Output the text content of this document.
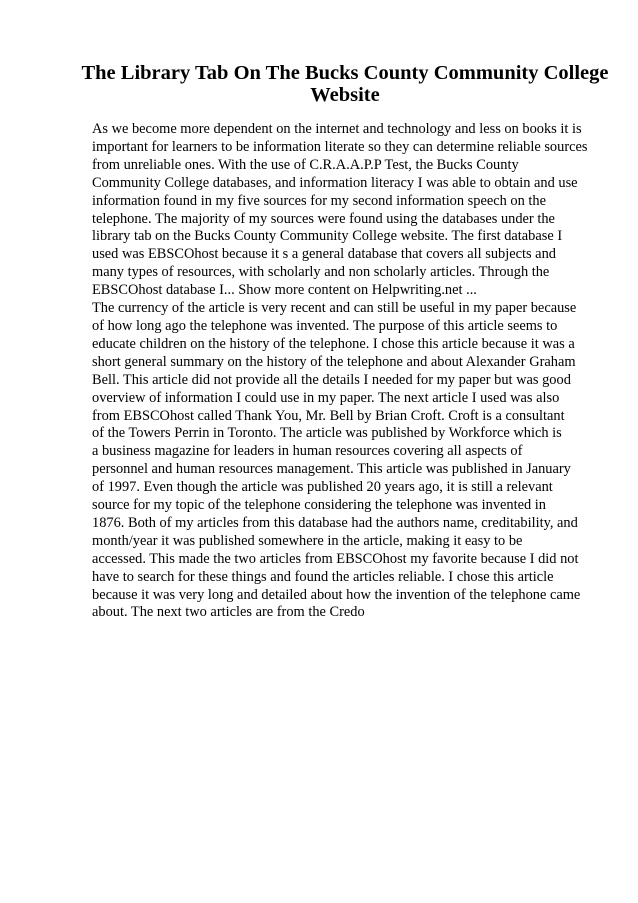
The Library Tab On The Bucks County Community College
Website

As we become more dependent on the internet and technology and less on books it is

important for learners to be information literate so they can determine reliable sources

from unreliable ones. With the use of C.R.A.A.P.P Test, the Bucks County

Community College databases, and information literacy I was able to obtain and use

information found in my five sources for my second information speech on the

telephone. The majority of my sources were found using the databases under the

library tab on the Bucks County Community College website. The first database I

used was EBSCOhost because it s a general database that covers all subjects and

many types of resources, with scholarly and non scholarly articles. Through the

EBSCOhost database I... Show more content on Helpwriting.net ...

The currency of the article is very recent and can still be useful in my paper because

of how long ago the telephone was invented. The purpose of this article seems to

educate children on the history of the telephone. I chose this article because it was a

short general summary on the history of the telephone and about Alexander Graham

Bell. This article did not provide all the details I needed for my paper but was good

overview of information I could use in my paper. The next article I used was also

from EBSCOhost called Thank You, Mr. Bell by Brian Croft. Croft is a consultant

of the Towers Perrin in Toronto. The article was published by Workforce which is

a business magazine for leaders in human resources covering all aspects of

personnel and human resources management. This article was published in January

of 1997. Even though the article was published 20 years ago, it is still a relevant

source for my topic of the telephone considering the telephone was invented in

1876. Both of my articles from this database had the authors name, creditability, and

month/year it was published somewhere in the article, making it easy to be

accessed. This made the two articles from EBSCOhost my favorite because I did not

have to search for these things and found the articles reliable. I chose this article

because it was very long and detailed about how the invention of the telephone came

about. The next two articles are from the Credo
